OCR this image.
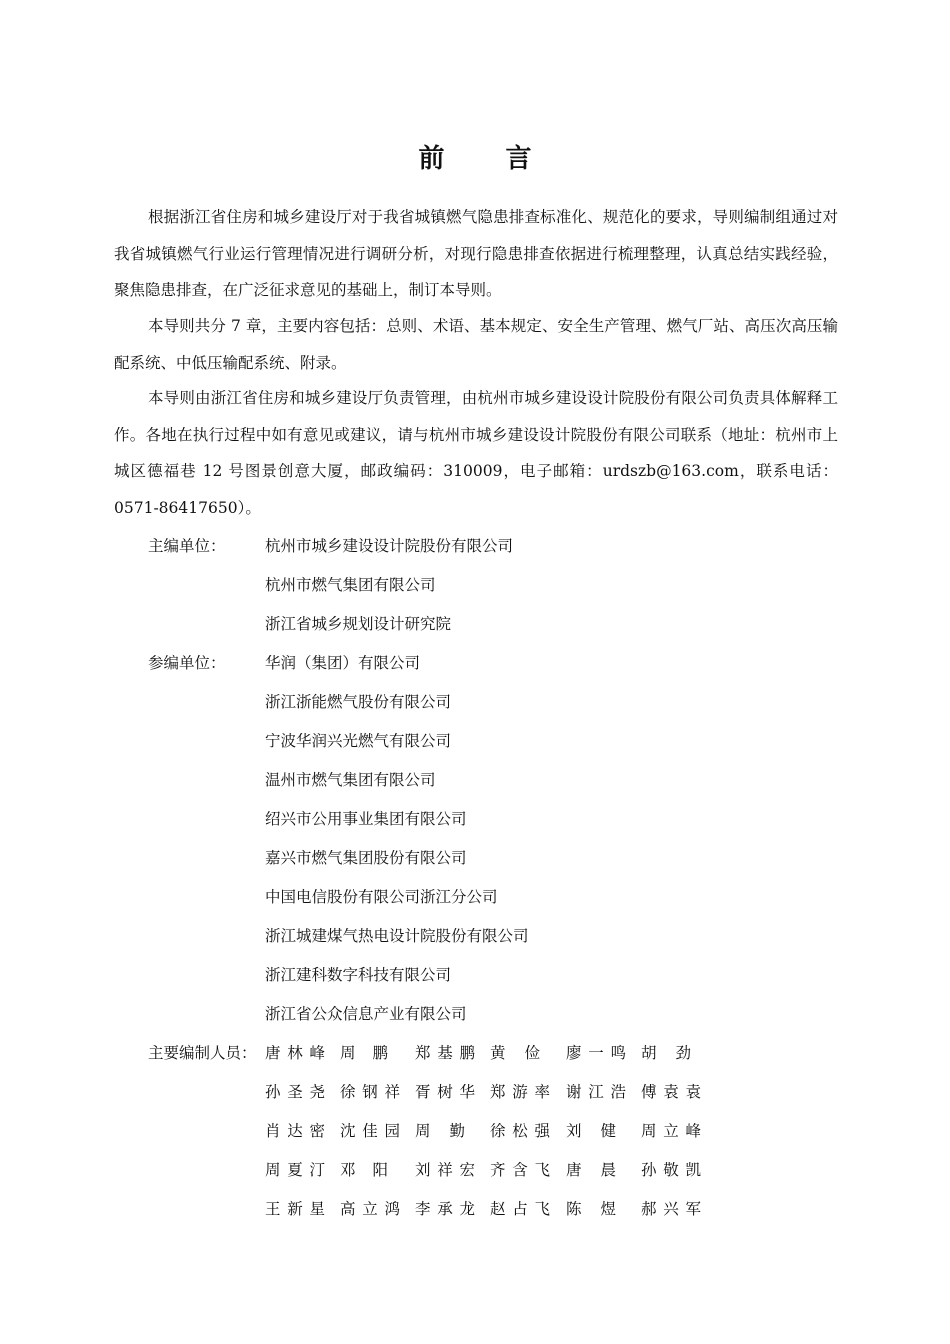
前 言

根据浙江省住房和城乡建设厅对于我省城镇燃气隐患排查标准化、规范化的要求，导则编制组通过对我省城镇燃气行业运行管理情况进行调研分析，对现行隐患排查依据进行梳理整理，认真总结实践经验，聚焦隐患排查，在广泛征求意见的基础上，制订本导则。

本导则共分 7 章，主要内容包括：总则、术语、基本规定、安全生产管理、燃气厂站、高压次高压输配系统、中低压输配系统、附录。

本导则由浙江省住房和城乡建设厅负责管理，由杭州市城乡建设设计院股份有限公司负责具体解释工作。各地在执行过程中如有意见或建议，请与杭州市城乡建设设计院股份有限公司联系（地址：杭州市上城区德福巷 12 号图景创意大厦，邮政编码：310009，电子邮箱：urdszb@163.com，联系电话：0571-86417650）。

主编单位：	杭州市城乡建设设计院股份有限公司
杭州市燃气集团有限公司
浙江省城乡规划设计研究院
参编单位：	华润（集团）有限公司
浙江浙能燃气股份有限公司
宁波华润兴光燃气有限公司
温州市燃气集团有限公司
绍兴市公用事业集团有限公司
嘉兴市燃气集团股份有限公司
中国电信股份有限公司浙江分公司
浙江城建煤气热电设计院股份有限公司
浙江建科数字科技有限公司
浙江省公众信息产业有限公司
主要编制人员： 唐林峰 周鹏 郑基鹏 黄俭 廖一鸣 胡劲
孙圣尧 徐钢祥 胥树华 郑游率 谢江浩 傅袁袁
肖达密 沈佳园 周勤 徐松强 刘健 周立峰
周夏汀 邓阳 刘祥宏 齐含飞 唐晨 孙敬凯
王新星 高立鸿 李承龙 赵占飞 陈煜 郝兴军
